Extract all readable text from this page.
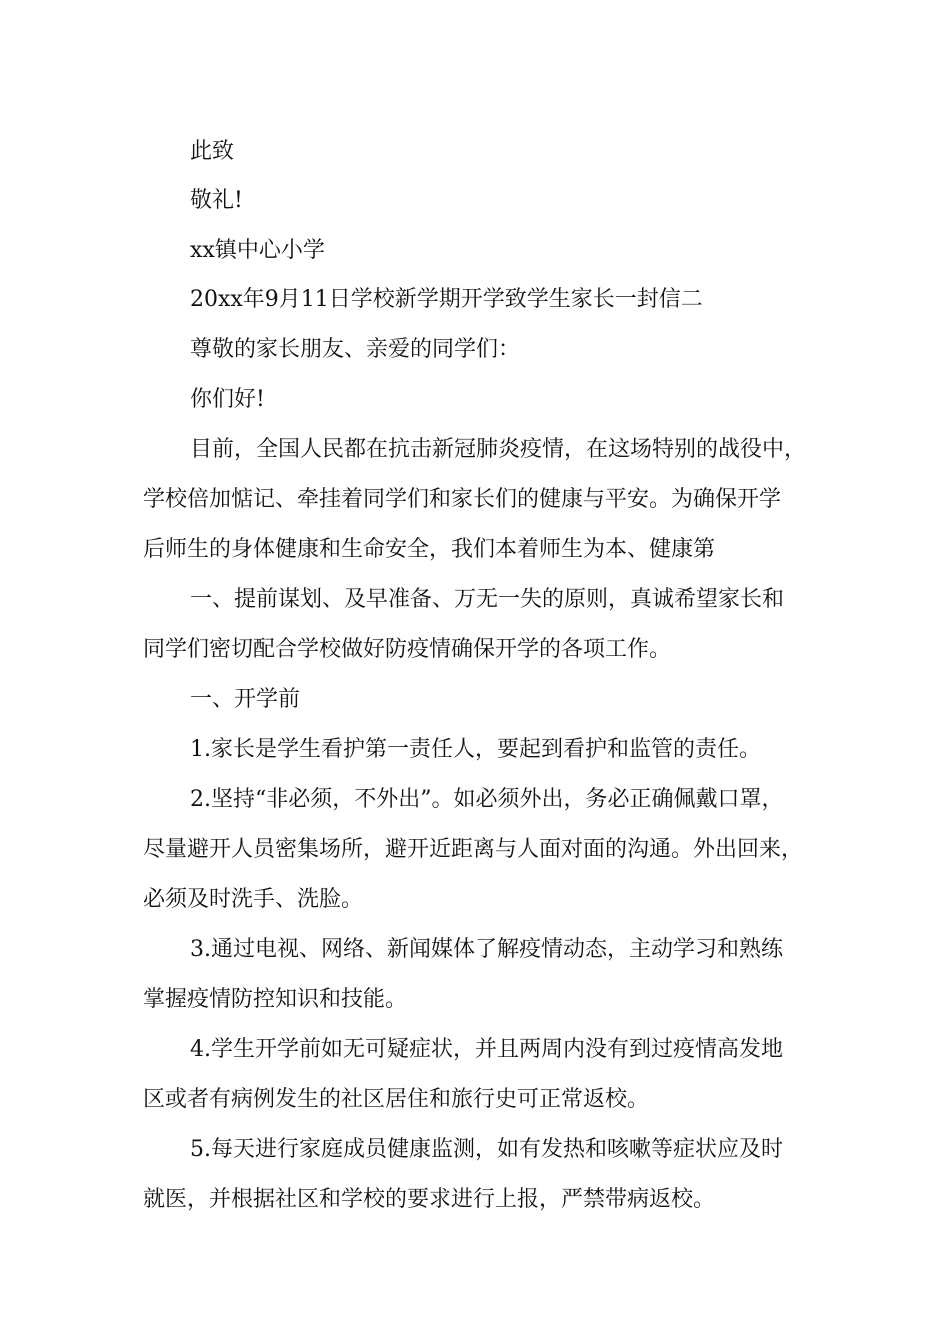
此致
敬礼!
xx镇中心小学
20xx年9月11日学校新学期开学致学生家长一封信二
尊敬的家长朋友、亲爱的同学们：
你们好!
目前，全国人民都在抗击新冠肺炎疫情，在这场特别的战役中，
学校倍加惦记、牵挂着同学们和家长们的健康与平安。为确保开学
后师生的身体健康和生命安全，我们本着师生为本、健康第
一、提前谋划、及早准备、万无一失的原则，真诚希望家长和
同学们密切配合学校做好防疫情确保开学的各项工作。
一、开学前
1.家长是学生看护第一责任人，要起到看护和监管的责任。
2.坚持“非必须，不外出”。如必须外出，务必正确佩戴口罩，
尽量避开人员密集场所，避开近距离与人面对面的沟通。外出回来，
必须及时洗手、洗脸。
3.通过电视、网络、新闻媒体了解疫情动态，主动学习和熟练
掌握疫情防控知识和技能。
4.学生开学前如无可疑症状，并且两周内没有到过疫情高发地
区或者有病例发生的社区居住和旅行史可正常返校。
5.每天进行家庭成员健康监测，如有发热和咳嗽等症状应及时
就医，并根据社区和学校的要求进行上报，严禁带病返校。
